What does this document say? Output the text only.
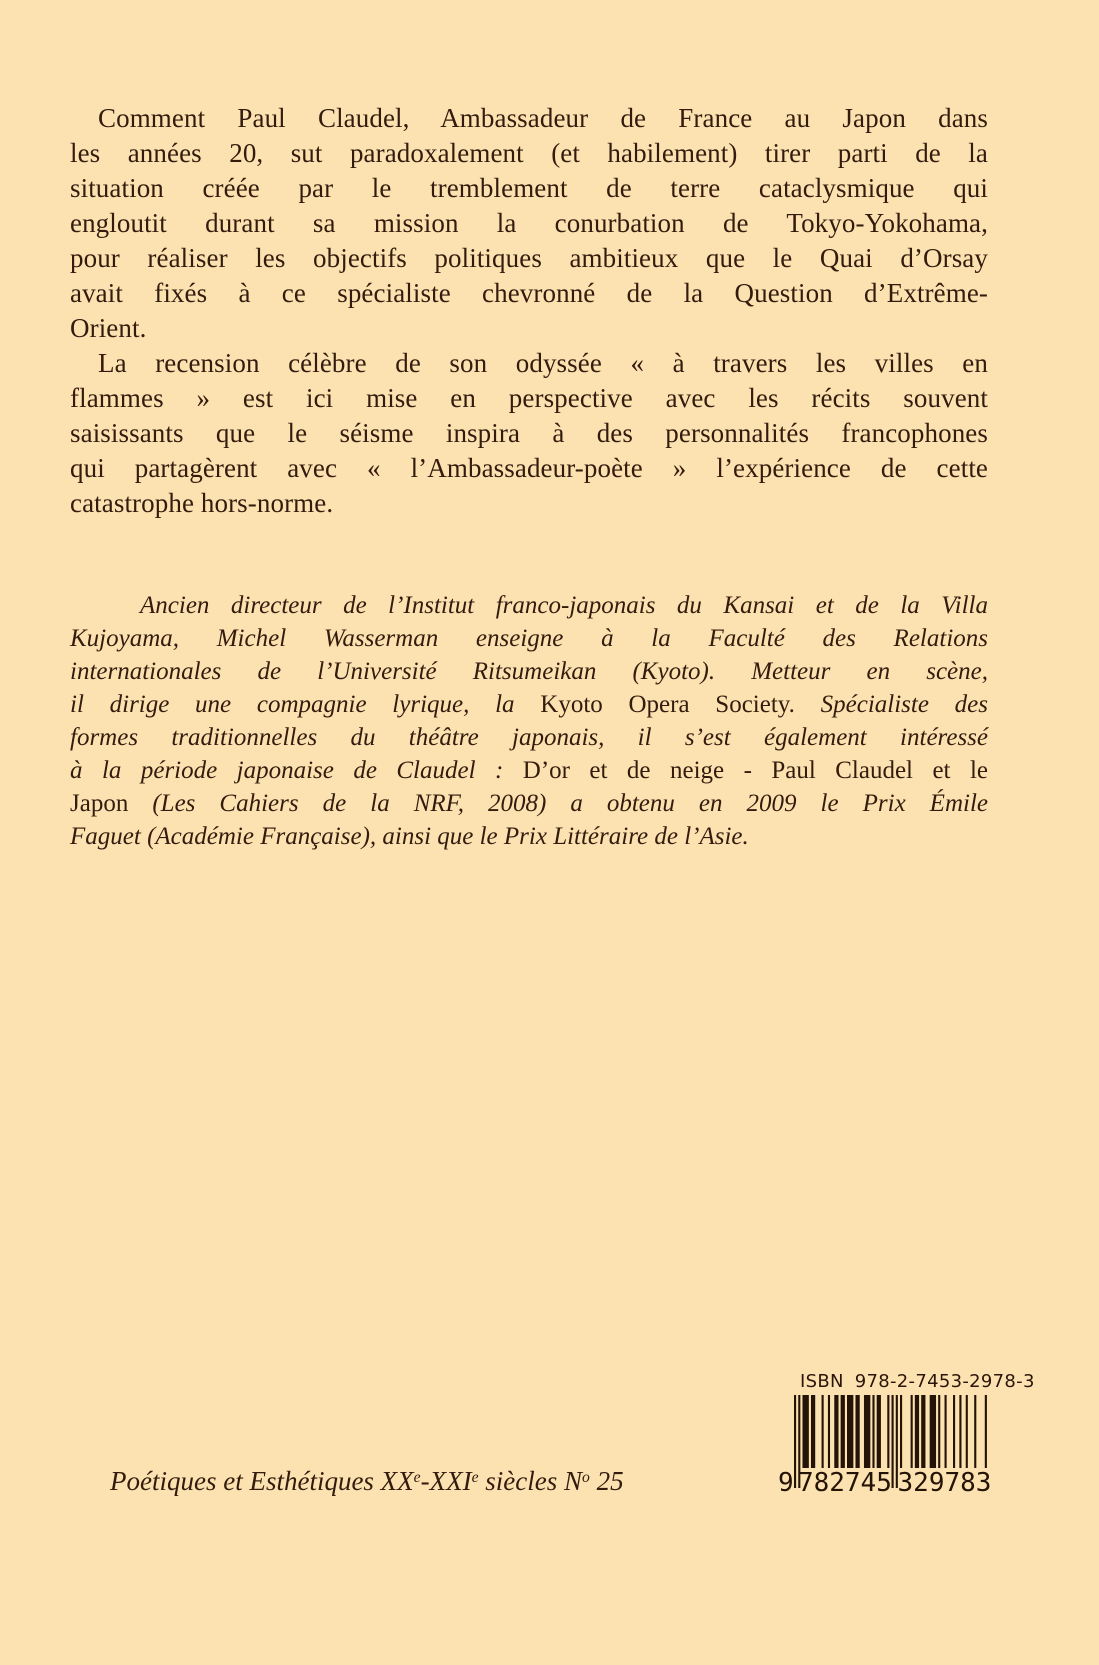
Comment Paul Claudel, Ambassadeur de France au Japon dans
les années 20, sut paradoxalement (et habilement) tirer parti de la
situation créée par le tremblement de terre cataclysmique qui
engloutit durant sa mission la conurbation de Tokyo-Yokohama,
pour réaliser les objectifs politiques ambitieux que le Quai d’Orsay
avait fixés à ce spécialiste chevronné de la Question d’Extrême-
Orient.
La recension célèbre de son odyssée « à travers les villes en
flammes » est ici mise en perspective avec les récits souvent
saisissants que le séisme inspira à des personnalités francophones
qui partagèrent avec « l’Ambassadeur-poète » l’expérience de cette
catastrophe hors-norme.
Ancien directeur de l’Institut franco-japonais du Kansai et de la Villa
Kujoyama, Michel Wasserman enseigne à la Faculté des Relations
internationales de l’Université Ritsumeikan (Kyoto). Metteur en scène,
il dirige une compagnie lyrique, la Kyoto Opera Society. Spécialiste des
formes traditionnelles du théâtre japonais, il s’est également intéressé
à la période japonaise de Claudel : D’or et de neige - Paul Claudel et le
Japon (Les Cahiers de la NRF, 2008) a obtenu en 2009 le Prix Émile
Faguet (Académie Française), ainsi que le Prix Littéraire de l’Asie.
Poétiques et Esthétiques XXe-XXIe siècles $N^o$ 25
ISBN 978-2-7453-2978-3
9 782745 329783
